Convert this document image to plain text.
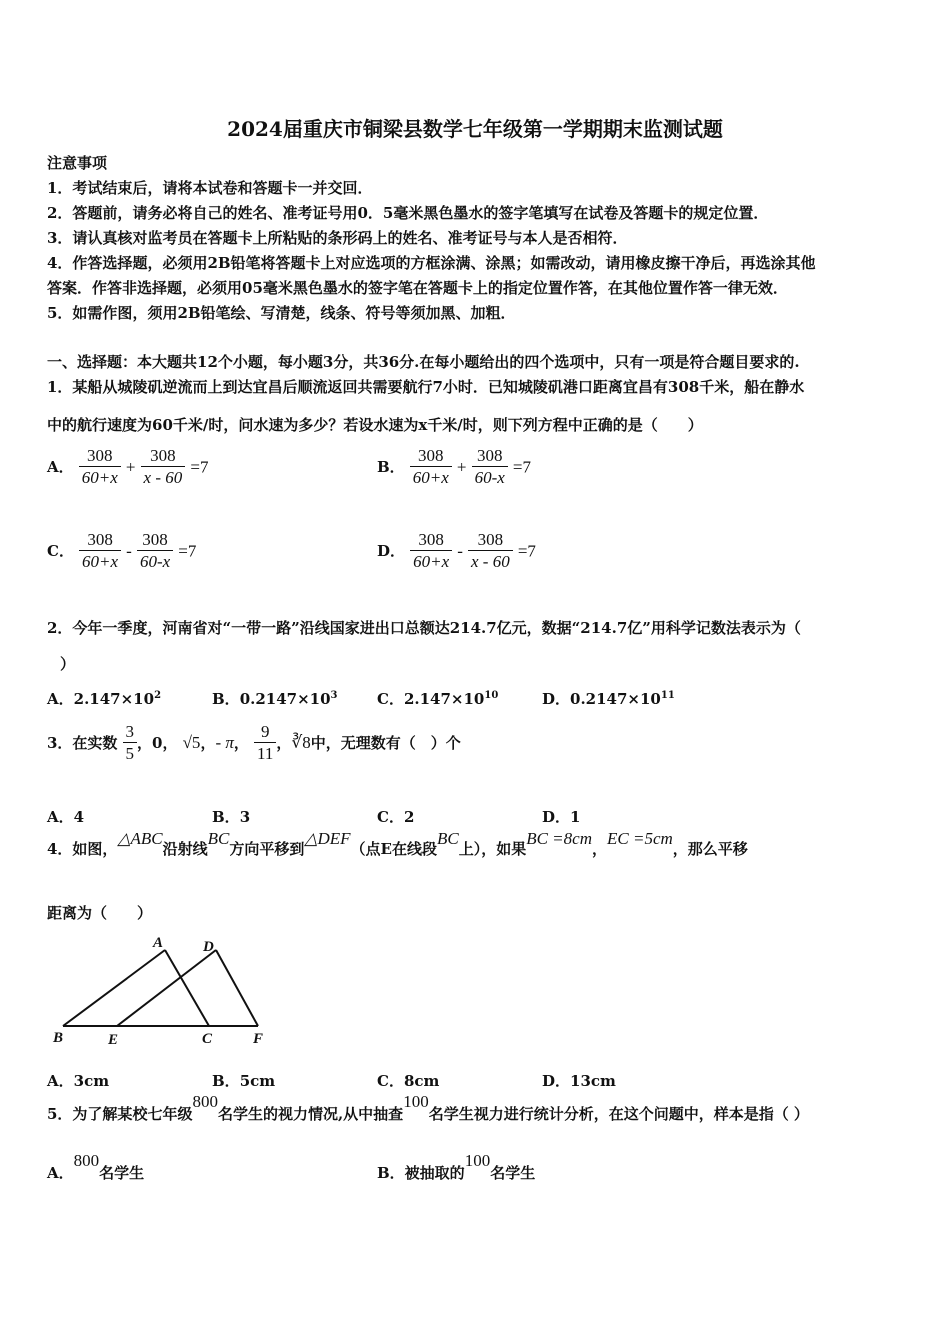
2024届重庆市铜梁县数学七年级第一学期期末监测试题
注意事项
1．考试结束后，请将本试卷和答题卡一并交回．
2．答题前，请务必将自己的姓名、准考证号用0．5毫米黑色墨水的签字笔填写在试卷及答题卡的规定位置．
3．请认真核对监考员在答题卡上所粘贴的条形码上的姓名、准考证号与本人是否相符．
4．作答选择题，必须用2B铅笔将答题卡上对应选项的方框涂满、涂黑；如需改动，请用橡皮擦干净后，再选涂其他
答案．作答非选择题，必须用05毫米黑色墨水的签字笔在答题卡上的指定位置作答，在其他位置作答一律无效．
5．如需作图，须用2B铅笔绘、写清楚，线条、符号等须加黑、加粗．
一、选择题：本大题共12个小题，每小题3分，共36分.在每小题给出的四个选项中，只有一项是符合题目要求的.
1．某船从城陵矶逆流而上到达宜昌后顺流返回共需要航行7小时．已知城陵矶港口距离宜昌有308千米，船在静水
中的航行速度为60千米/时，问水速为多少？若设水速为x千米/时，则下列方程中正确的是（　　）
A． $\frac{308}{60+x} + \frac{308}{x - 60} =7$	B． $\frac{308}{60+x} + \frac{308}{60-x} =7$
C． $\frac{308}{60+x} - \frac{308}{60-x} =7$	D． $\frac{308}{60+x} - \frac{308}{x - 60} =7$
2．今年一季度，河南省对“一带一路”沿线国家进出口总额达214.7亿元，数据“214.7亿”用科学记数法表示为（
）
A．$2.147\times 10^2$	B．$0.2147\times 10^3$	C．$2.147\times 10^{10}$	D．$0.2147\times 10^{11}$
3．在实数 $\frac{3}{5}$ ，0， √5，- π， $\frac{9}{11}$ ，∛8中，无理数有（　）个
A．4	B．3	C．2	D．1
4．如图，△ABC沿射线BC方向平移到△DEF（点E在线段BC上），如果BC =8cm，EC =5cm，那么平移
距离为（　　）
A	D
B	E	C	F
A．3cm	B．5cm	C．8cm	D．13cm
5．为了解某校七年级800名学生的视力情况,从中抽查100名学生视力进行统计分析，在这个问题中，样本是指（ ）
A．800名学生	B．被抽取的100名学生
